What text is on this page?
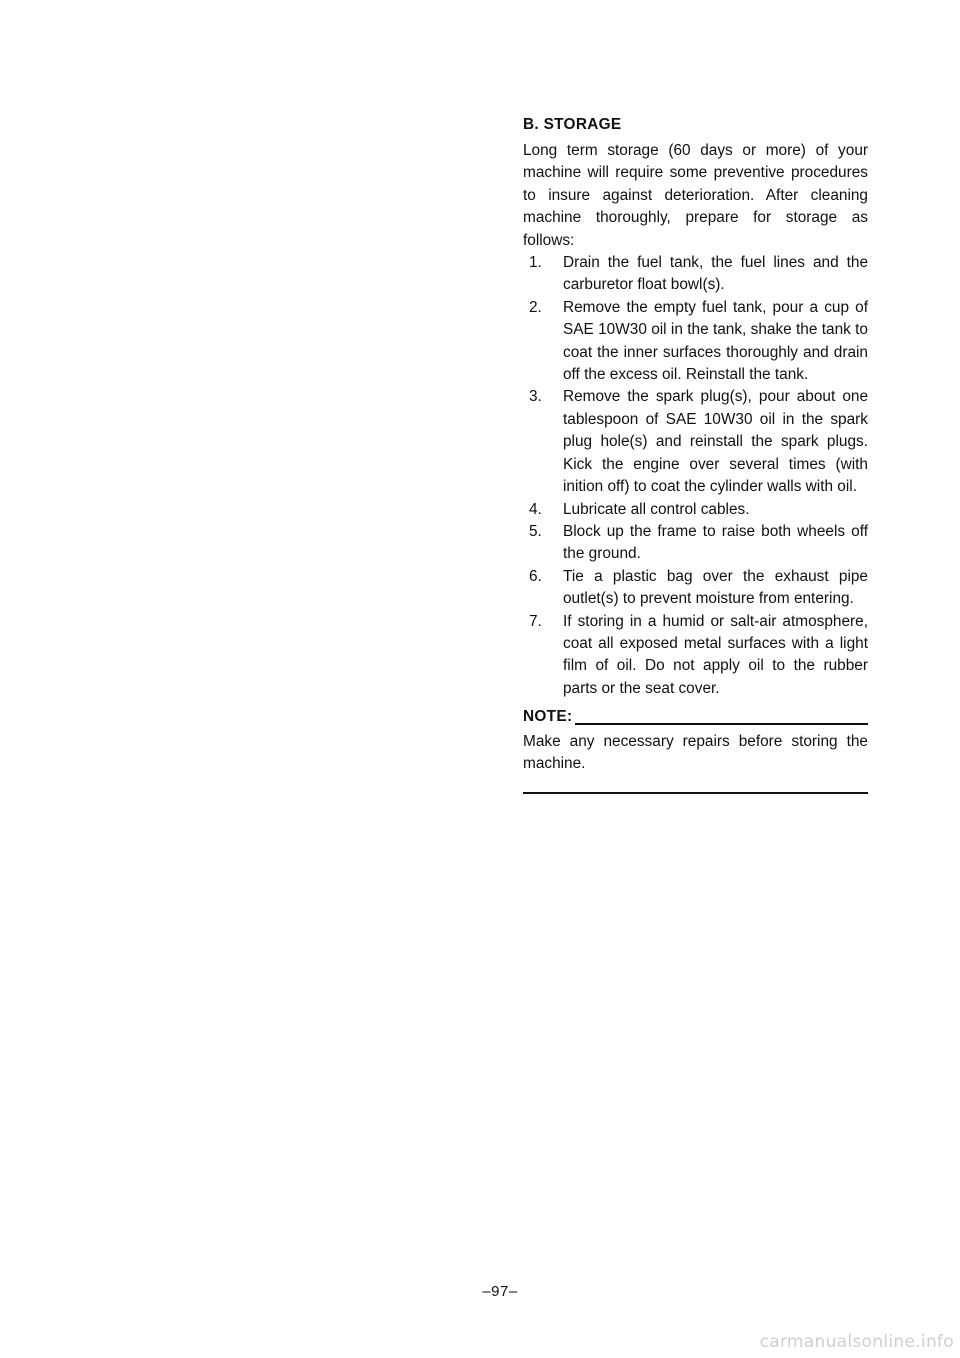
B. STORAGE

Long term storage (60 days or more) of your machine will require some preventive procedures to insure against deterioration. After cleaning machine thoroughly, prepare for storage as follows:

1.	Drain the fuel tank, the fuel lines and the carburetor float bowl(s).
2.	Remove the empty fuel tank, pour a cup of SAE 10W30 oil in the tank, shake the tank to coat the inner surfaces thoroughly and drain off the excess oil. Reinstall the tank.
3.	Remove the spark plug(s), pour about one tablespoon of SAE 10W30 oil in the spark plug hole(s) and reinstall the spark plugs. Kick the engine over several times (with inition off) to coat the cylinder walls with oil.
4.	Lubricate all control cables.
5.	Block up the frame to raise both wheels off the ground.
6.	Tie a plastic bag over the exhaust pipe outlet(s) to prevent moisture from entering.
7.	If storing in a humid or salt-air atmosphere, coat all exposed metal surfaces with a light film of oil. Do not apply oil to the rubber parts or the seat cover.
NOTE:

Make any necessary repairs before storing the machine.

–97–
carmanualsonline.info
